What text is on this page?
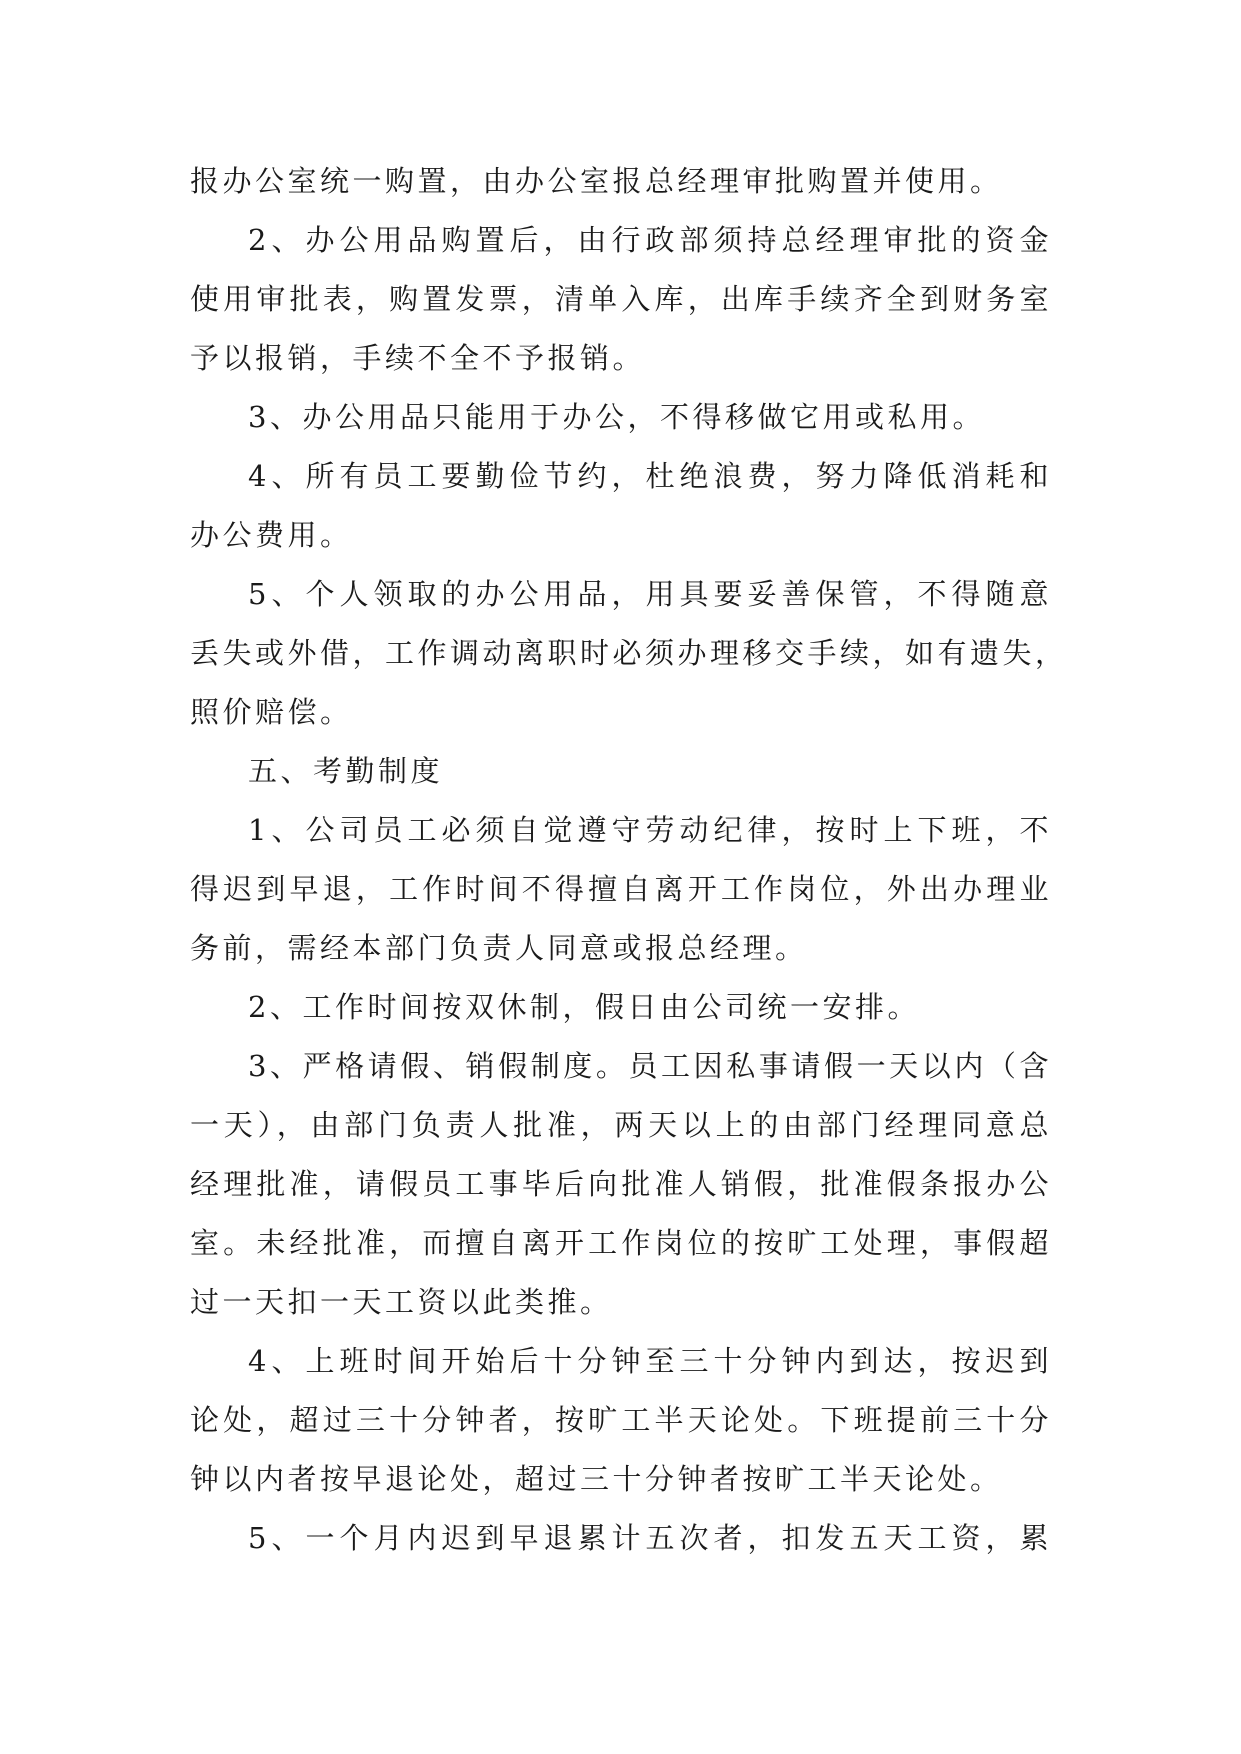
报办公室统一购置，由办公室报总经理审批购置并使用。
2、办公用品购置后，由行政部须持总经理审批的资金
使用审批表，购置发票，清单入库，出库手续齐全到财务室
予以报销，手续不全不予报销。
3、办公用品只能用于办公，不得移做它用或私用。
4、所有员工要勤俭节约，杜绝浪费，努力降低消耗和
办公费用。
5、个人领取的办公用品，用具要妥善保管，不得随意
丢失或外借，工作调动离职时必须办理移交手续，如有遗失，
照价赔偿。
五、考勤制度
1、公司员工必须自觉遵守劳动纪律，按时上下班，不
得迟到早退，工作时间不得擅自离开工作岗位，外出办理业
务前，需经本部门负责人同意或报总经理。
2、工作时间按双休制，假日由公司统一安排。
3、严格请假、销假制度。员工因私事请假一天以内（含
一天），由部门负责人批准，两天以上的由部门经理同意总
经理批准，请假员工事毕后向批准人销假，批准假条报办公
室。未经批准，而擅自离开工作岗位的按旷工处理，事假超
过一天扣一天工资以此类推。
4、上班时间开始后十分钟至三十分钟内到达，按迟到
论处，超过三十分钟者，按旷工半天论处。下班提前三十分
钟以内者按早退论处，超过三十分钟者按旷工半天论处。
5、一个月内迟到早退累计五次者，扣发五天工资，累
